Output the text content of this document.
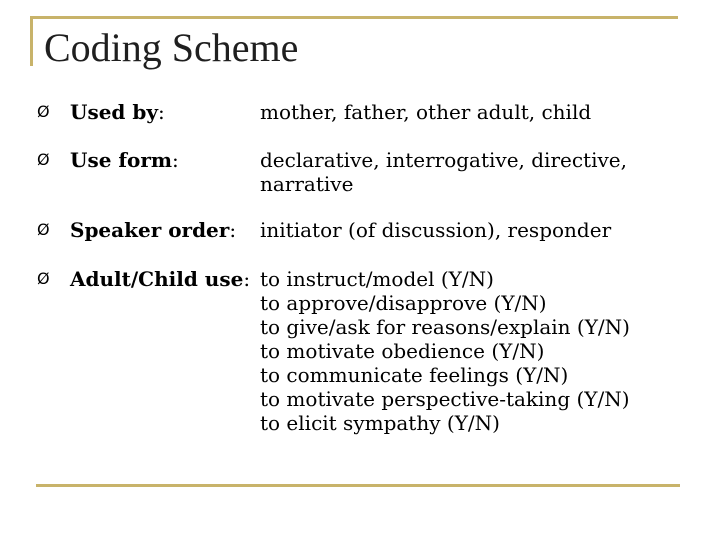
Coding Scheme
Ø Used by:	mother, father, other adult, child
Ø Use form:	declarative, interrogative, directive,
narrative
Ø Speaker order: initiator (of discussion), responder
Ø Adult/Child use: to instruct/model (Y/N)
to approve/disapprove (Y/N)
to give/ask for reasons/explain (Y/N)
to motivate obedience (Y/N)
to communicate feelings (Y/N)
to motivate perspective-taking (Y/N)
to elicit sympathy (Y/N)
